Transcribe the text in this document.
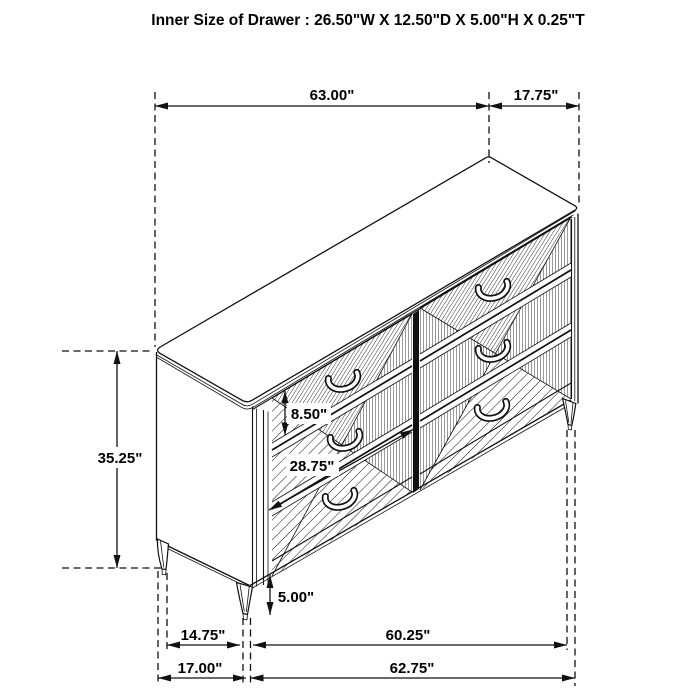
Inner Size of Drawer : 26.50"W X 12.50"D X 5.00"H X 0.25"T
63.00"	17.75"
35.25"
8.50"
28.75"
5.00"
14.75"	60.25"
17.00"	62.75"
